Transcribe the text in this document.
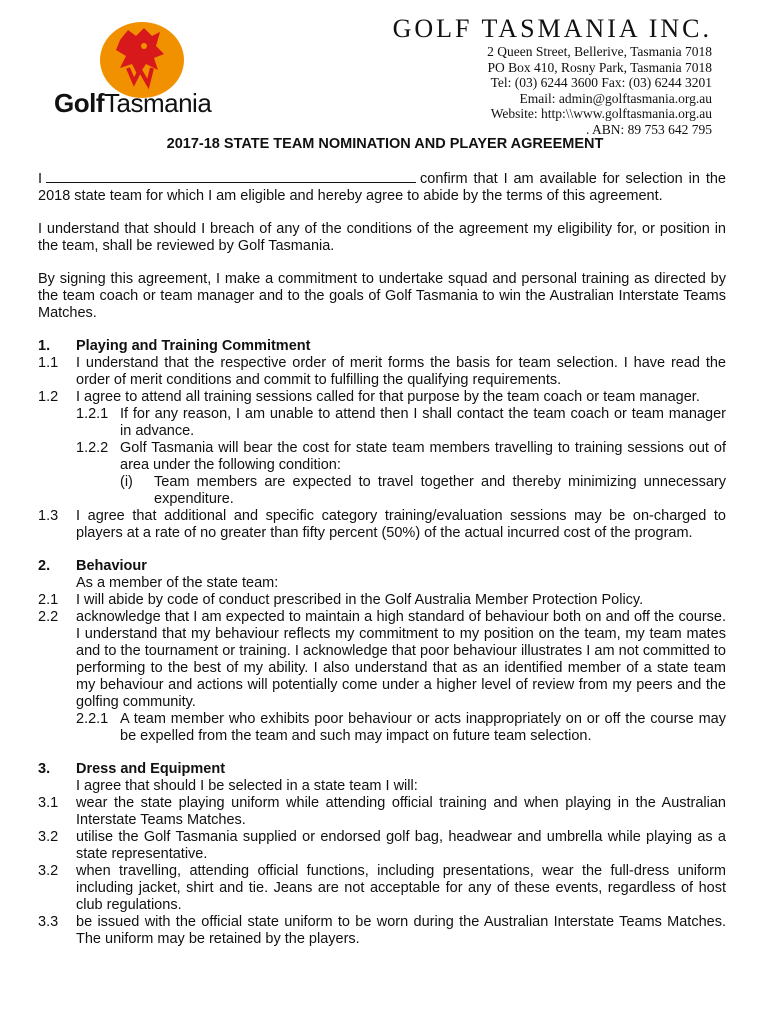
GolfTasmania
GOLF TASMANIA INC.
2 Queen Street, Bellerive, Tasmania 7018
PO Box 410, Rosny Park, Tasmania 7018
Tel: (03) 6244 3600 Fax: (03) 6244 3201
Email: admin@golftasmania.org.au
Website: http:\\www.golftasmania.org.au
. ABN: 89 753 642 795
2017-18 STATE TEAM NOMINATION AND PLAYER AGREEMENT

I	confirm that I am available for selection in the 2018 state team for which I am eligible and hereby agree to abide by the terms of this agreement.

I understand that should I breach of any of the conditions of the agreement my eligibility for, or position in the team, shall be reviewed by Golf Tasmania.

By signing this agreement, I make a commitment to undertake squad and personal training as directed by the team coach or team manager and to the goals of Golf Tasmania to win the Australian Interstate Teams Matches.

1.	Playing and Training Commitment
1.1	I understand that the respective order of merit forms the basis for team selection. I have read the order of merit conditions and commit to fulfilling the qualifying requirements.
1.2	I agree to attend all training sessions called for that purpose by the team coach or team manager.
1.2.1 If for any reason, I am unable to attend then I shall contact the team coach or team manager in advance.
1.2.2 Golf Tasmania will bear the cost for state team members travelling to training sessions out of area under the following condition:
(i)	Team members are expected to travel together and thereby minimizing unnecessary expenditure.
1.3	I agree that additional and specific category training/evaluation sessions may be on-charged to players at a rate of no greater than fifty percent (50%) of the actual incurred cost of the program.
2.	Behaviour
As a member of the state team:
2.1	I will abide by code of conduct prescribed in the Golf Australia Member Protection Policy.
2.2	acknowledge that I am expected to maintain a high standard of behaviour both on and off the course. I understand that my behaviour reflects my commitment to my position on the team, my team mates and to the tournament or training. I acknowledge that poor behaviour illustrates I am not committed to performing to the best of my ability. I also understand that as an identified member of a state team my behaviour and actions will potentially come under a higher level of review from my peers and the golfing community.
2.2.1 A team member who exhibits poor behaviour or acts inappropriately on or off the course may be expelled from the team and such may impact on future team selection.
3.	Dress and Equipment
I agree that should I be selected in a state team I will:
3.1	wear the state playing uniform while attending official training and when playing in the Australian Interstate Teams Matches.
3.2	utilise the Golf Tasmania supplied or endorsed golf bag, headwear and umbrella while playing as a state representative.
3.2	when travelling, attending official functions, including presentations, wear the full-dress uniform including jacket, shirt and tie. Jeans are not acceptable for any of these events, regardless of host club regulations.
3.3	be issued with the official state uniform to be worn during the Australian Interstate Teams Matches. The uniform may be retained by the players.
